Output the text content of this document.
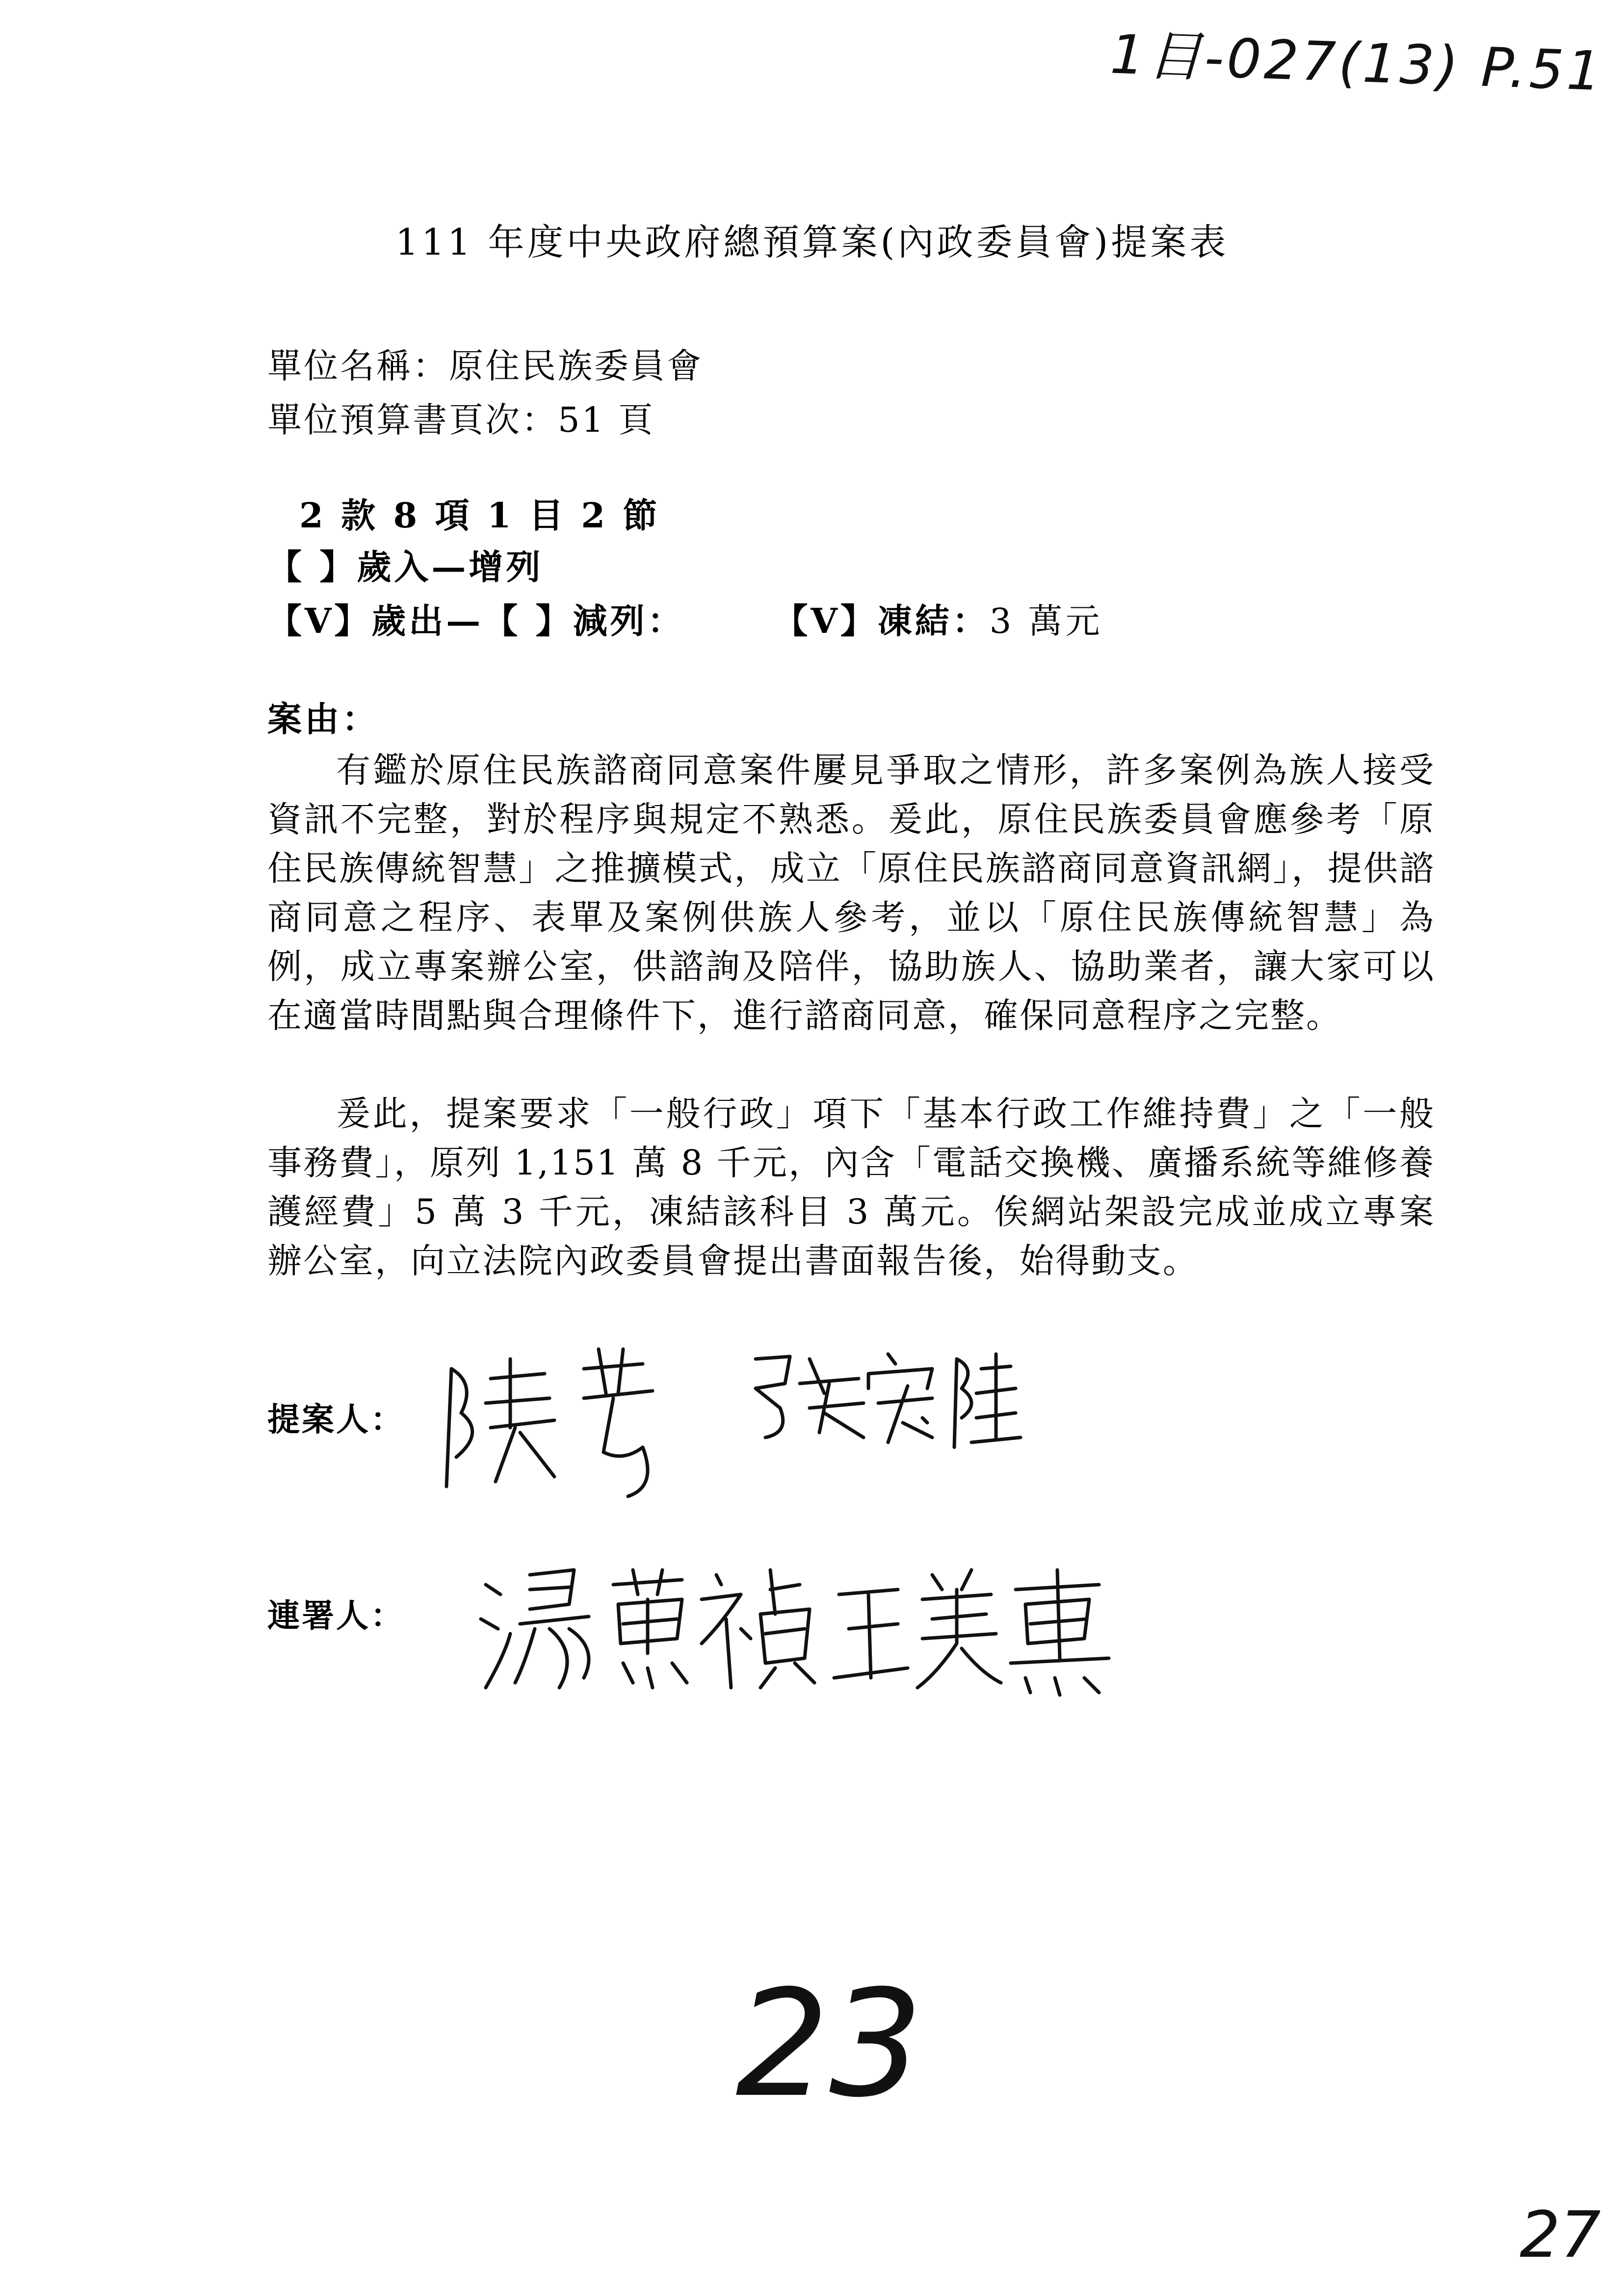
1目-027(13) P.51
111 年度中央政府總預算案(內政委員會)提案表
單位名稱：原住民族委員會
單位預算書頁次：51 頁
2 款 8 項 1 目 2 節
【 】歲入—增列
【V】歲出—【 】減列：	【V】凍結：3 萬元
案由：
有鑑於原住民族諮商同意案件屢見爭取之情形，許多案例為族人接受資訊不完整，對於程序與規定不熟悉。爰此，原住民族委員會應參考「原住民族傳統智慧」之推擴模式，成立「原住民族諮商同意資訊網」，提供諮商同意之程序、表單及案例供族人參考，並以「原住民族傳統智慧」為例，成立專案辦公室，供諮詢及陪伴，協助族人、協助業者，讓大家可以在適當時間點與合理條件下，進行諮商同意，確保同意程序之完整。
爰此，提案要求「一般行政」項下「基本行政工作維持費」之「一般事務費」，原列 1,151 萬 8 千元，內含「電話交換機、廣播系統等維修養護經費」5 萬 3 千元，凍結該科目 3 萬元。俟網站架設完成並成立專案辦公室，向立法院內政委員會提出書面報告後，始得動支。
提案人：
連署人：
23
27
